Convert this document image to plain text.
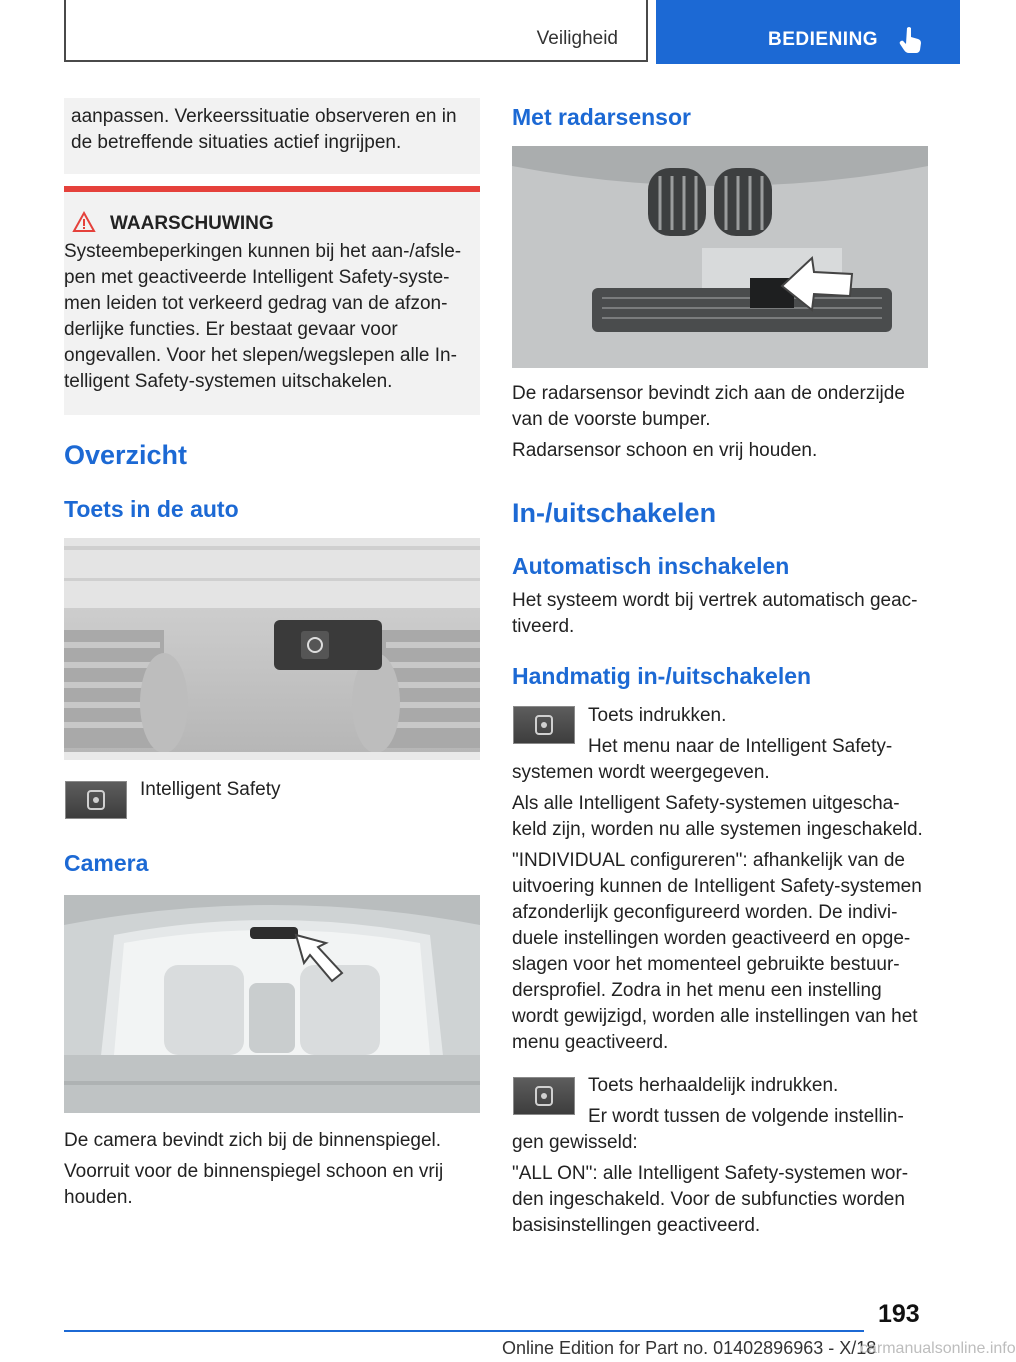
Veiligheid	BEDIENING
aanpassen. Verkeerssituatie observeren en in
de betreffende situaties actief ingrijpen.
WAARSCHUWING
Systeembeperkingen kunnen bij het aan-/afsle-
pen met geactiveerde Intelligent Safety-syste-
men leiden tot verkeerd gedrag van de afzon-
derlijke functies. Er bestaat gevaar voor
ongevallen. Voor het slepen/wegslepen alle In-
telligent Safety-systemen uitschakelen.
Overzicht
Toets in de auto
Intelligent Safety
Camera
De camera bevindt zich bij de binnenspiegel.
Voorruit voor de binnenspiegel schoon en vrij
houden.
Met radarsensor
De radarsensor bevindt zich aan de onderzijde
van de voorste bumper.
Radarsensor schoon en vrij houden.
In-/uitschakelen
Automatisch inschakelen
Het systeem wordt bij vertrek automatisch geac-
tiveerd.
Handmatig in-/uitschakelen
Toets indrukken.
Het menu naar de Intelligent Safety-
systemen wordt weergegeven.
Als alle Intelligent Safety-systemen uitgescha-
keld zijn, worden nu alle systemen ingeschakeld.
"INDIVIDUAL configureren": afhankelijk van de
uitvoering kunnen de Intelligent Safety-systemen
afzonderlijk geconfigureerd worden. De indivi-
duele instellingen worden geactiveerd en opge-
slagen voor het momenteel gebruikte bestuur-
dersprofiel. Zodra in het menu een instelling
wordt gewijzigd, worden alle instellingen van het
menu geactiveerd.
Toets herhaaldelijk indrukken.
Er wordt tussen de volgende instellin-
gen gewisseld:
"ALL ON": alle Intelligent Safety-systemen wor-
den ingeschakeld. Voor de subfuncties worden
basisinstellingen geactiveerd.
193
Online Edition for Part no. 01402896963 - X/18
carmanualsonline.info
